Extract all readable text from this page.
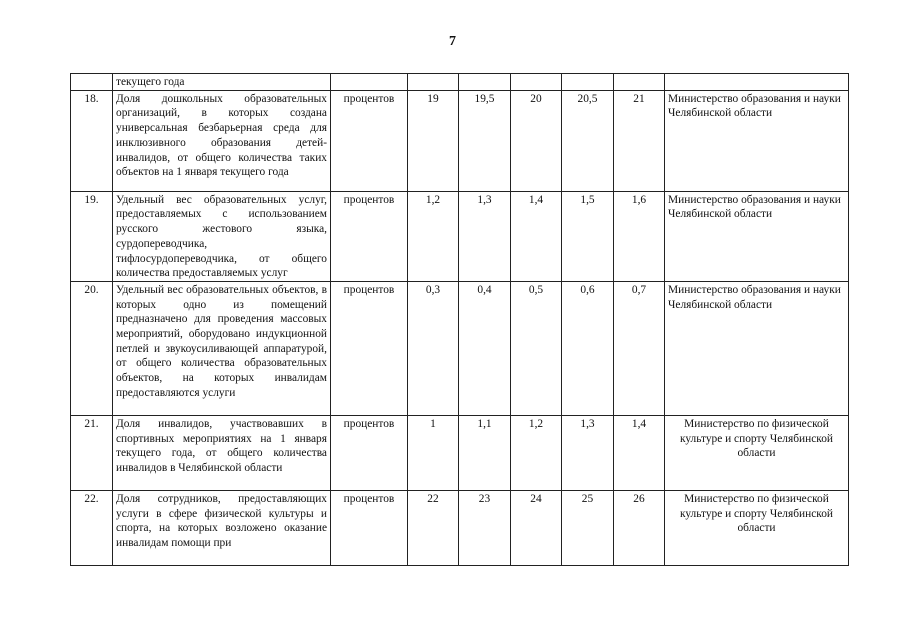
7
	текущего года							
18.	Доля дошкольных образовательных организаций, в которых создана универсальная безбарьерная среда для инклюзивного образования детей-инвалидов, от общего количества таких объектов на 1 января текущего года	процентов	19	19,5	20	20,5	21	Министерство образования и науки Челябинской области
19.	Удельный вес образовательных услуг, предоставляемых с использованием русского жестового языка, сурдопереводчика, тифлосурдопереводчика, от общего количества предоставляемых услуг	процентов	1,2	1,3	1,4	1,5	1,6	Министерство образования и науки Челябинской области
20.	Удельный вес образовательных объектов, в которых одно из помещений предназначено для проведения массовых мероприятий, оборудовано индукционной петлей и звукоусиливающей аппаратурой, от общего количества образовательных объектов, на которых инвалидам предоставляются услуги	процентов	0,3	0,4	0,5	0,6	0,7	Министерство образования и науки Челябинской области
21.	Доля инвалидов, участвовавших в спортивных мероприятиях на 1 января текущего года, от общего количества инвалидов в Челябинской области	процентов	1	1,1	1,2	1,3	1,4	Министерство по физической культуре и спорту Челябинской области
22.	Доля сотрудников, предоставляющих услуги в сфере физической культуры и спорта, на которых возложено оказание инвалидам помощи при	процентов	22	23	24	25	26	Министерство по физической культуре и спорту Челябинской области
